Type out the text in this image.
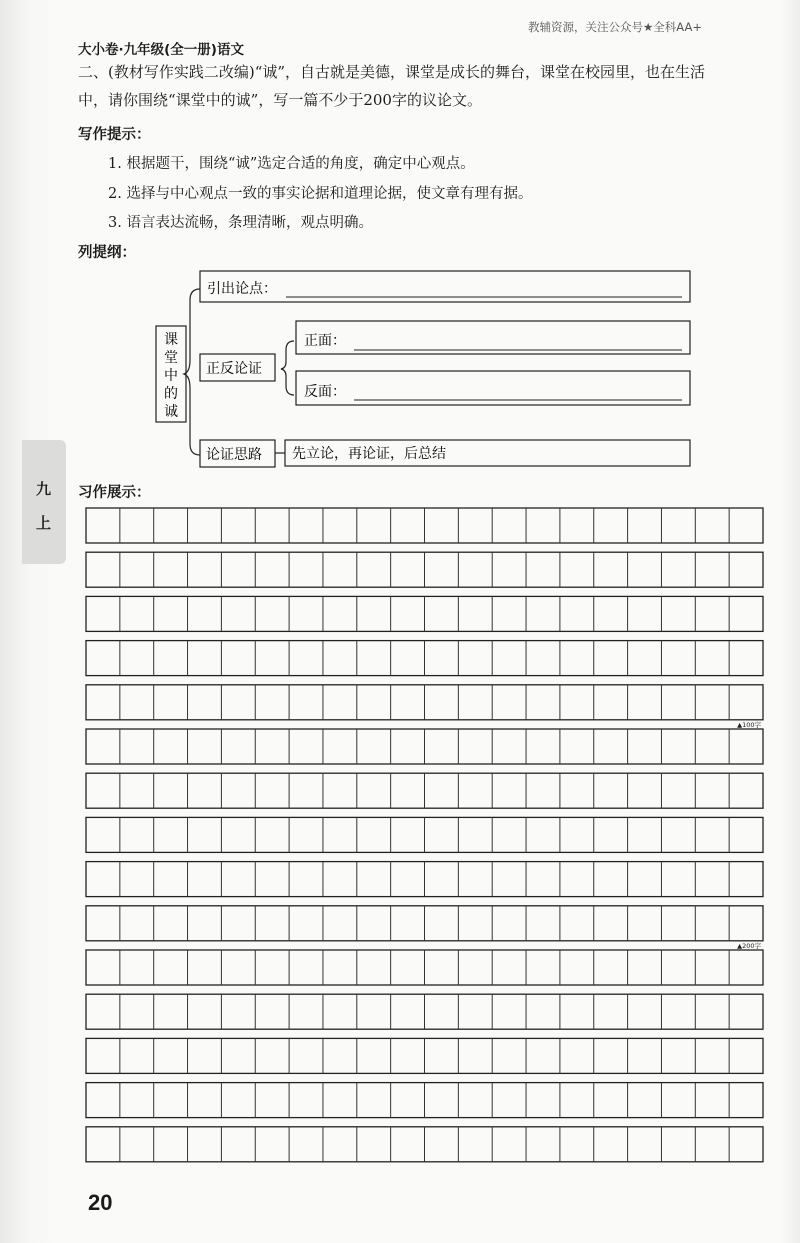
教辅资源，关注公众号★全科AA+
大小卷·九年级(全一册)语文
二、(教材写作实践二改编)“诚”，自古就是美德，课堂是成长的舞台，课堂在校园里，也在生活
中，请你围绕“课堂中的诚”，写一篇不少于200字的议论文。
写作提示：
1. 根据题干，围绕“诚”选定合适的角度，确定中心观点。
2. 选择与中心观点一致的事实论据和道理论据，使文章有理有据。
3. 语言表达流畅，条理清晰，观点明确。
列提纲：
课
堂
中
的
诚
引出论点：
正反论证
正面：
反面：
论证思路 先立论，再论证，后总结
九
上
习作展示：
▲100字
▲200字
20
